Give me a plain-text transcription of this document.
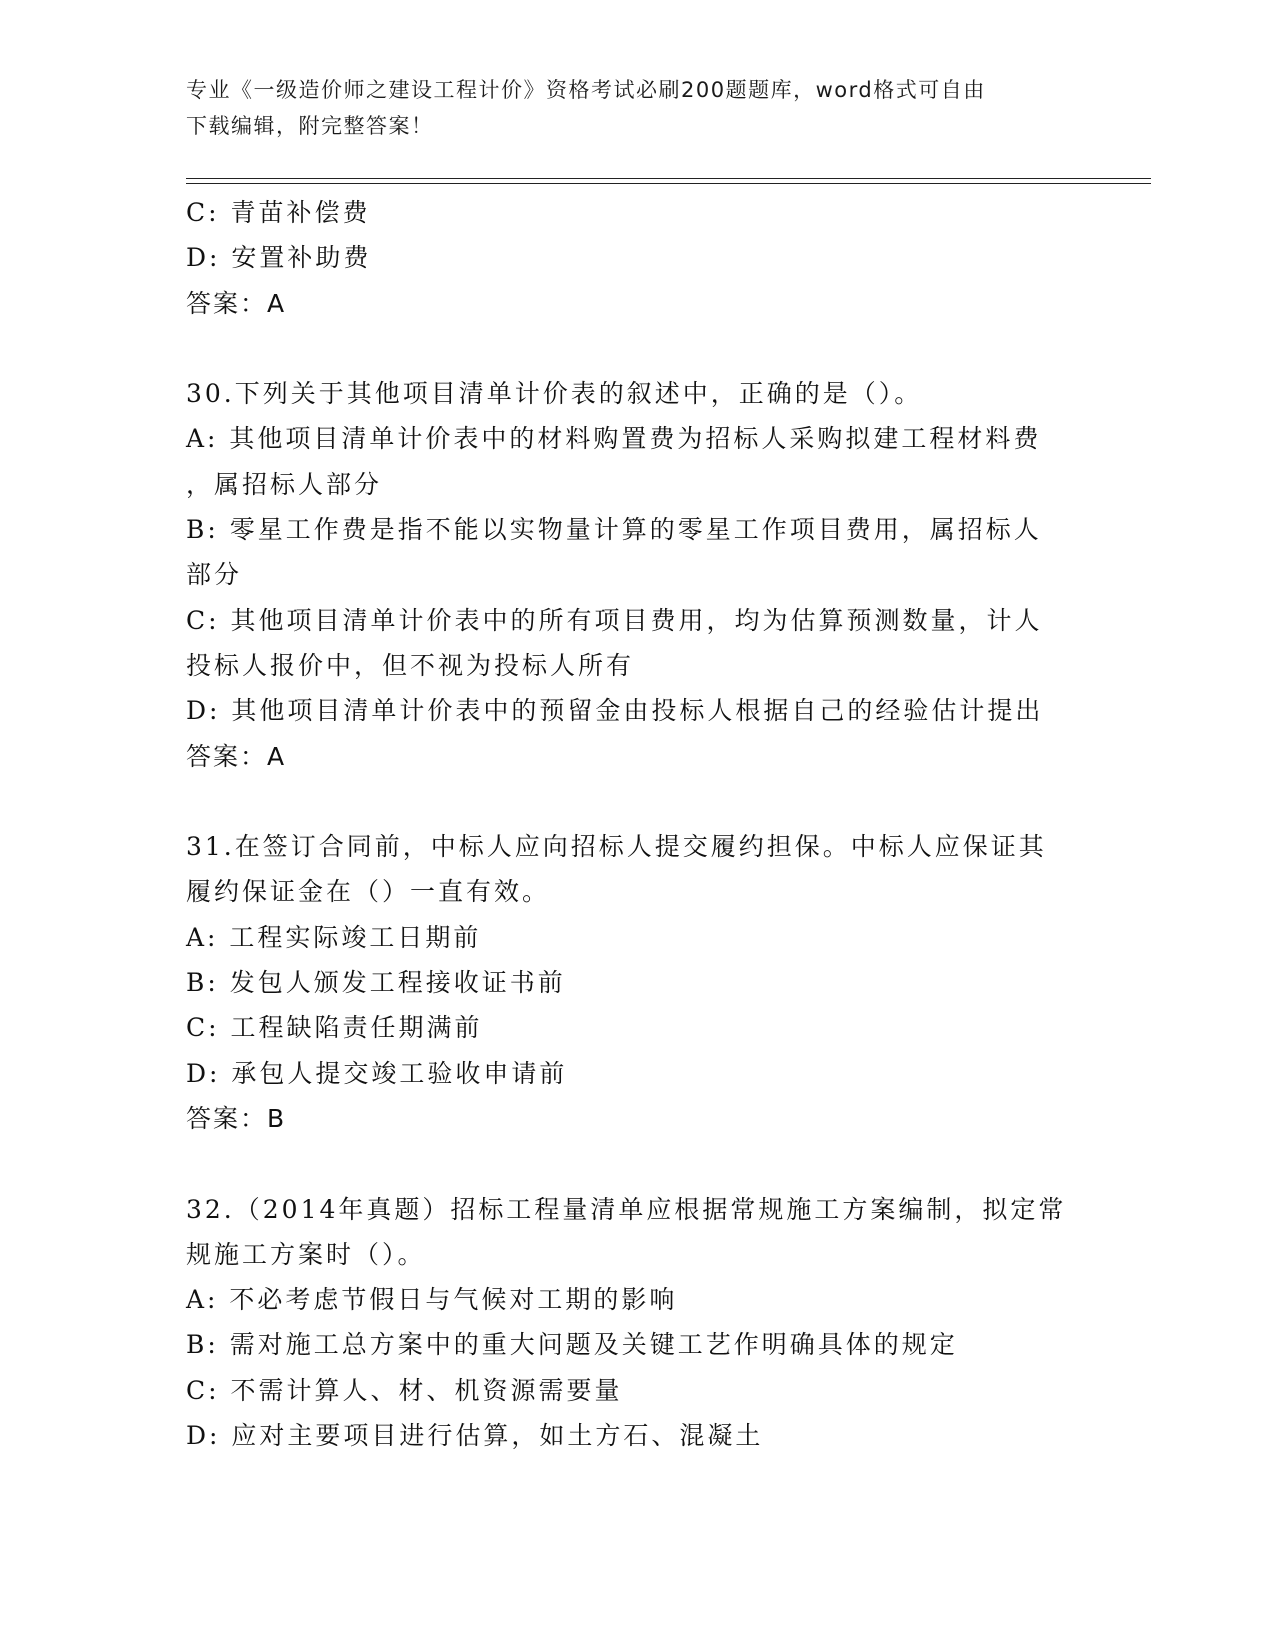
专业《一级造价师之建设工程计价》资格考试必刷200题题库，word格式可自由
下载编辑，附完整答案！

C: 青苗补偿费

D: 安置补助费

答案：A

30.下列关于其他项目清单计价表的叙述中，正确的是（）。

A: 其他项目清单计价表中的材料购置费为招标人采购拟建工程材料费

，属招标人部分

B: 零星工作费是指不能以实物量计算的零星工作项目费用，属招标人

部分

C: 其他项目清单计价表中的所有项目费用，均为估算预测数量，计人

投标人报价中，但不视为投标人所有

D: 其他项目清单计价表中的预留金由投标人根据自己的经验估计提出

答案：A

31.在签订合同前，中标人应向招标人提交履约担保。中标人应保证其

履约保证金在（）一直有效。

A: 工程实际竣工日期前

B: 发包人颁发工程接收证书前

C: 工程缺陷责任期满前

D: 承包人提交竣工验收申请前

答案：B

32.（2014年真题）招标工程量清单应根据常规施工方案编制，拟定常

规施工方案时（）。

A: 不必考虑节假日与气候对工期的影响

B: 需对施工总方案中的重大问题及关键工艺作明确具体的规定

C: 不需计算人、材、机资源需要量

D: 应对主要项目进行估算，如土方石、混凝土
